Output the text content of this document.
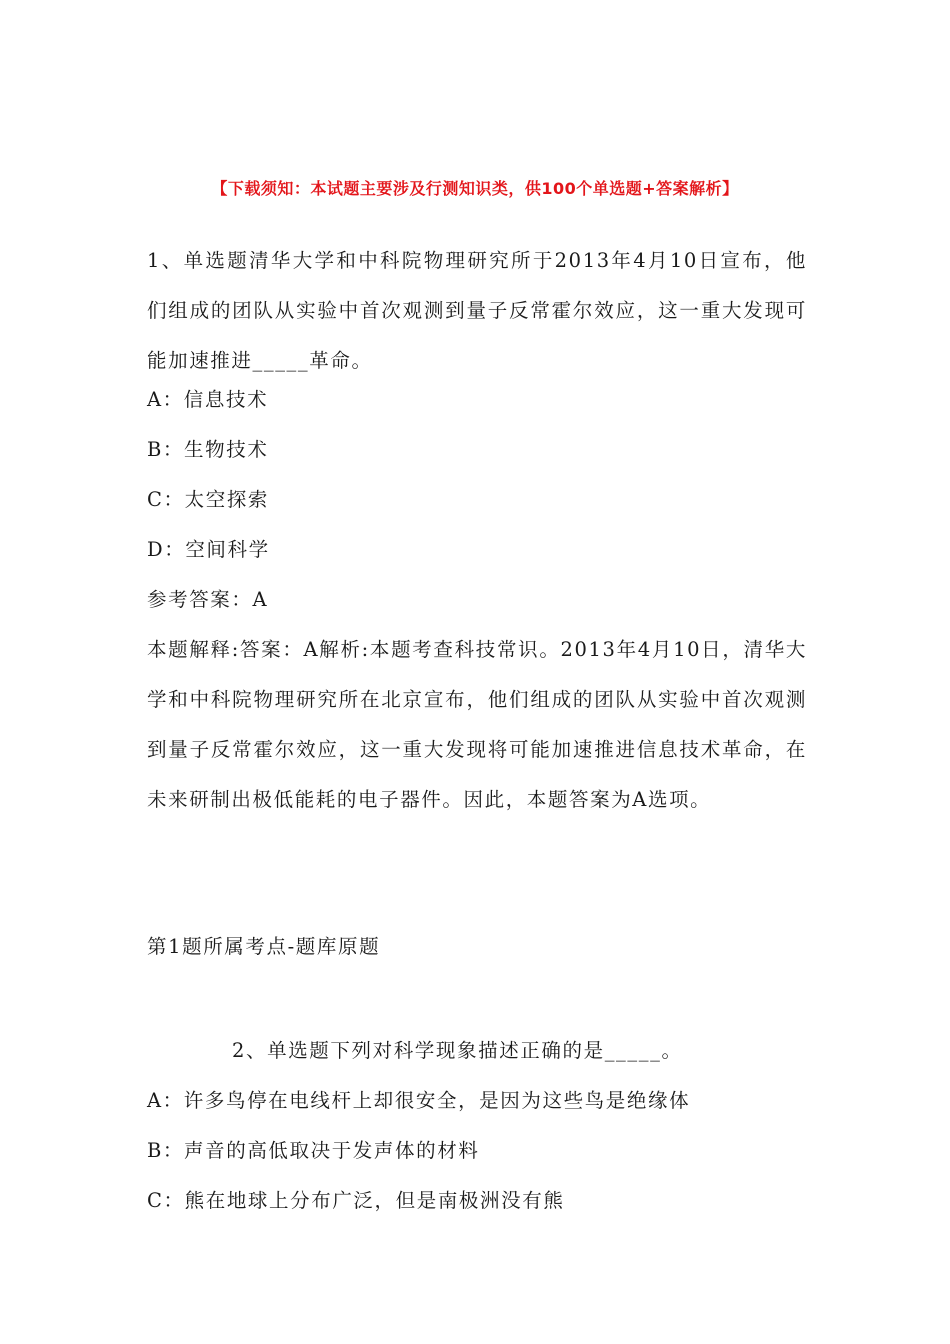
【下载须知：本试题主要涉及行测知识类，供100个单选题+答案解析】
1、单选题清华大学和中科院物理研究所于2013年4月10日宣布，他们组成的团队从实验中首次观测到量子反常霍尔效应，这一重大发现可能加速推进_____革命。
A：信息技术
B：生物技术
C：太空探索
D：空间科学
参考答案：A
本题解释:答案：A解析:本题考查科技常识。2013年4月10日，清华大学和中科院物理研究所在北京宣布，他们组成的团队从实验中首次观测到量子反常霍尔效应，这一重大发现将可能加速推进信息技术革命，在未来研制出极低能耗的电子器件。因此，本题答案为A选项。
第1题所属考点-题库原题
2、单选题下列对科学现象描述正确的是_____。
A：许多鸟停在电线杆上却很安全，是因为这些鸟是绝缘体
B：声音的高低取决于发声体的材料
C：熊在地球上分布广泛，但是南极洲没有熊
